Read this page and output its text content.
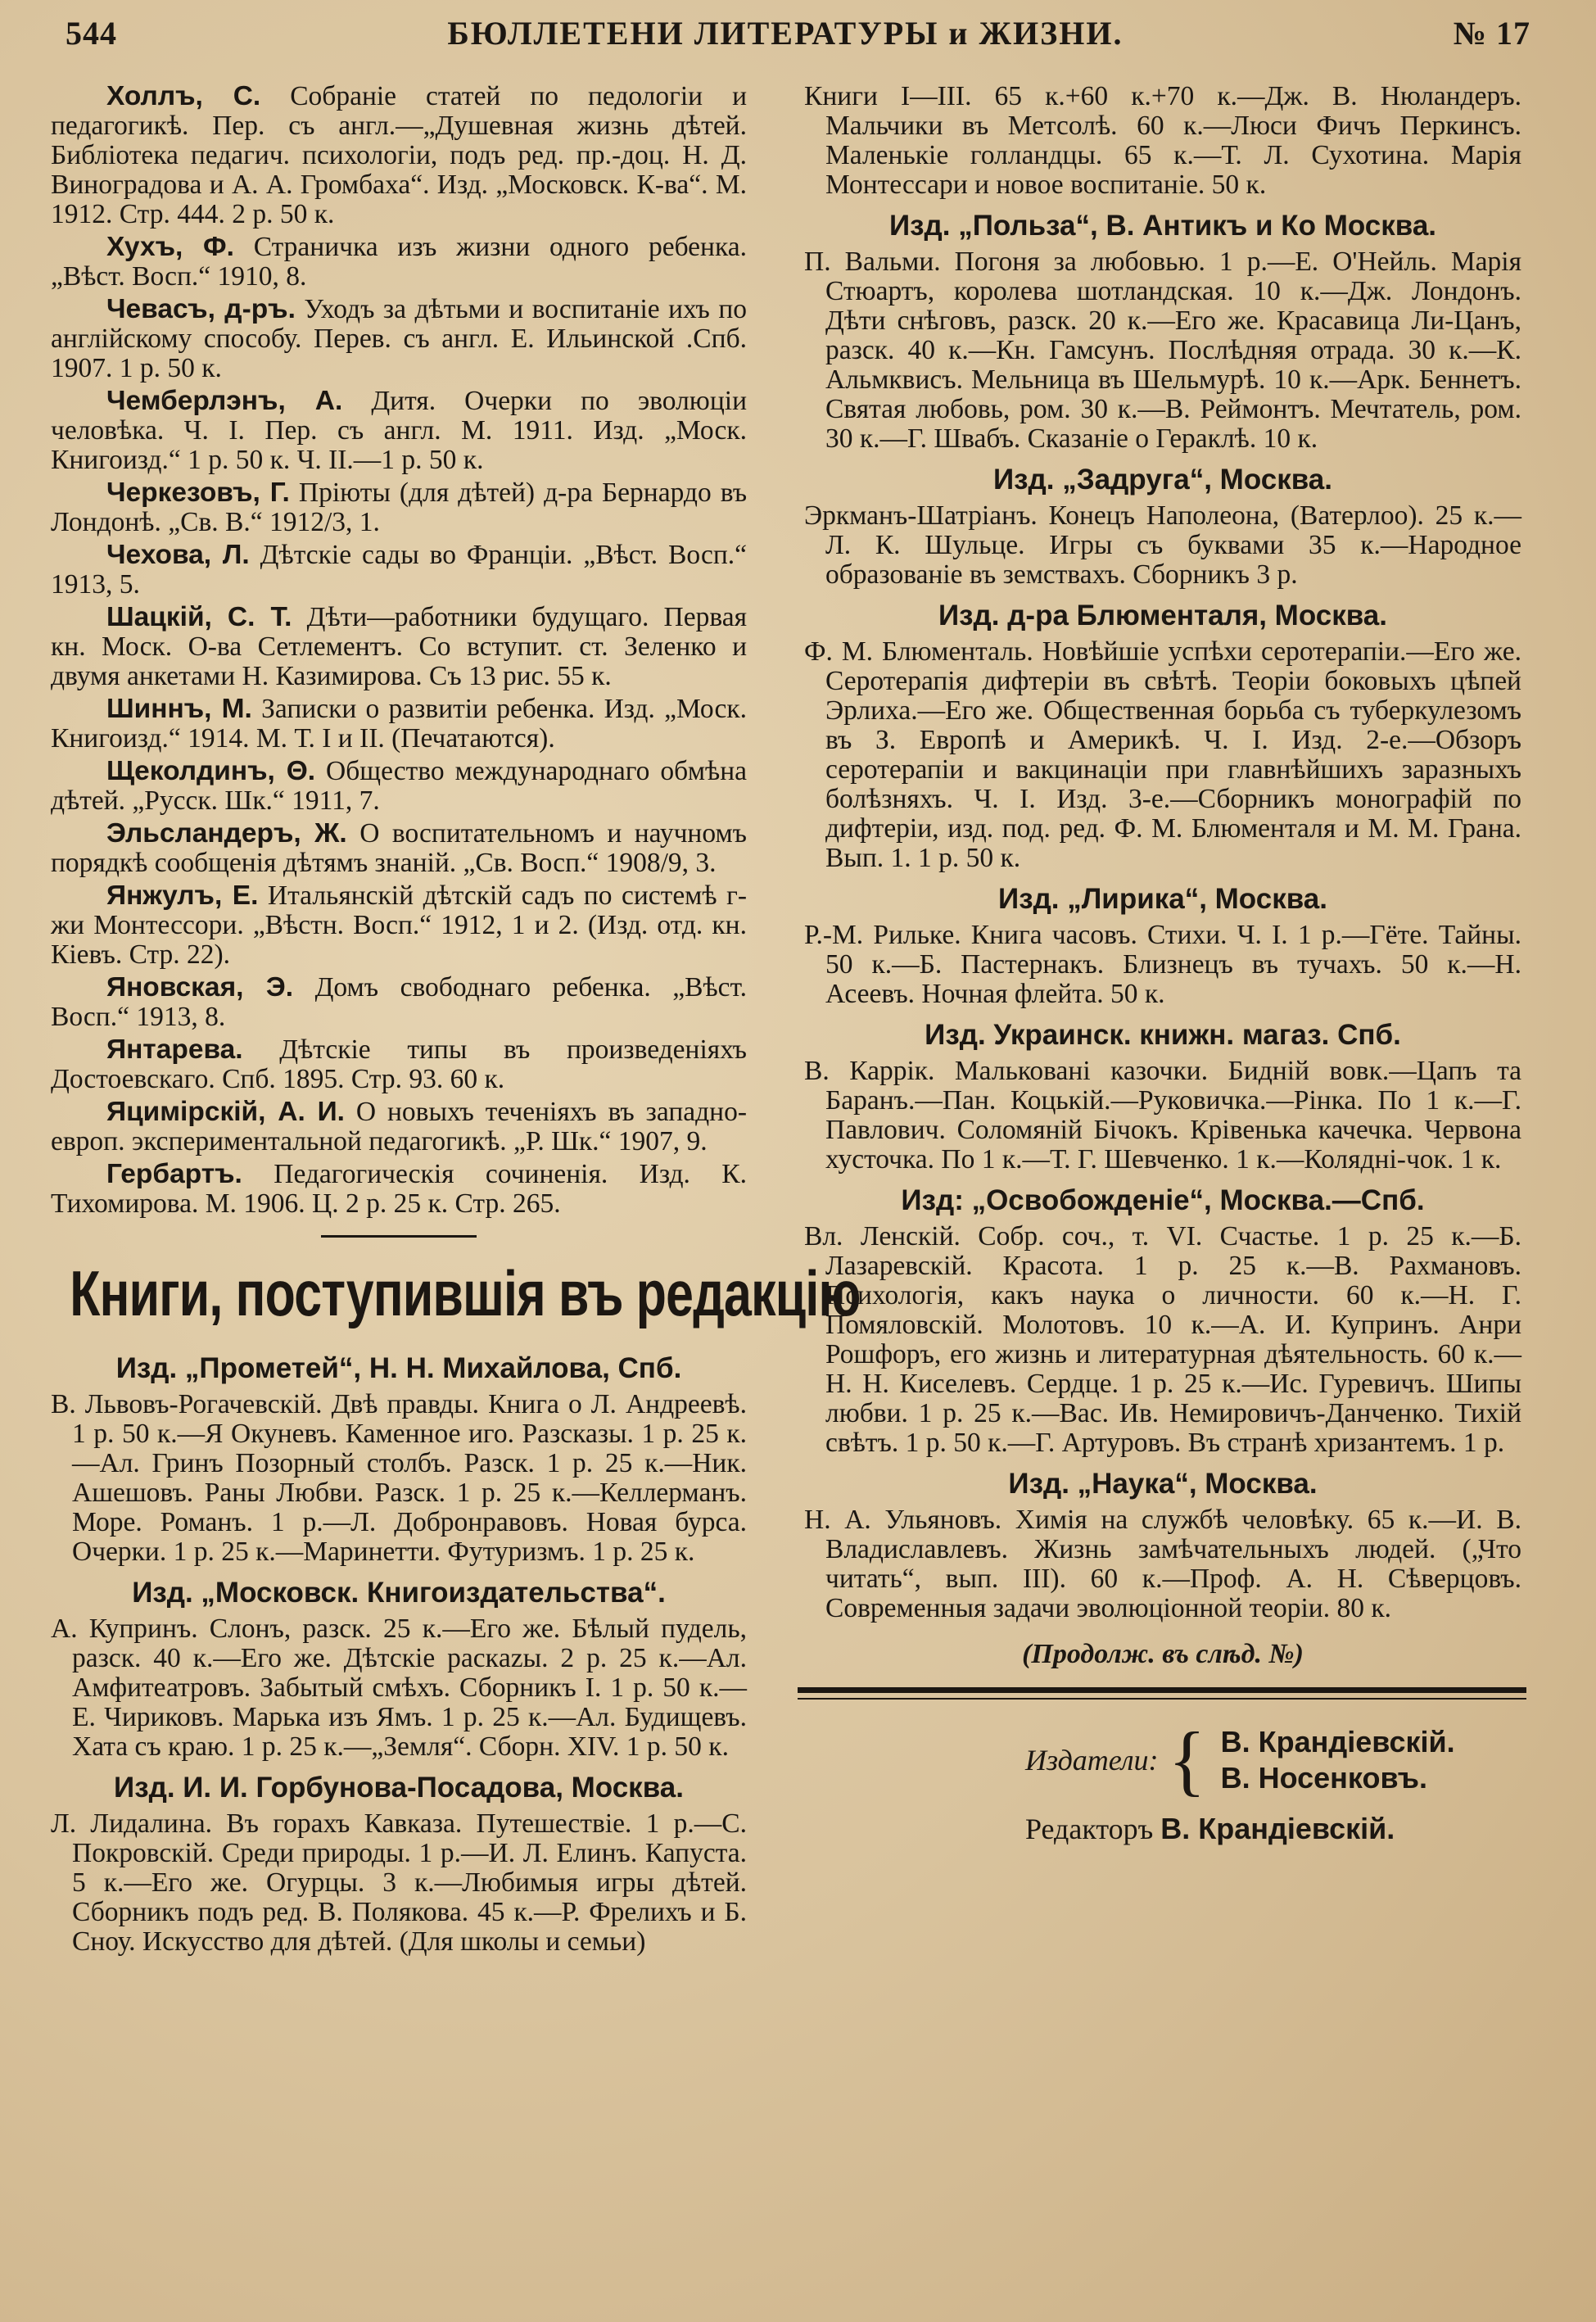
544	БЮЛЛЕТЕНИ ЛИТЕРАТУРЫ и ЖИЗНИ.	№ 17

Холлъ, С. Собраніе статей по педологіи и педагогикѣ. Пер. съ англ.—„Душевная жизнь дѣтей. Библіотека педагич. психологіи, подъ ред. пр.-доц. Н. Д. Виноградова и А. А. Громбаха“. Изд. „Московск. К-ва“. М. 1912. Стр. 444. 2 р. 50 к.

Хухъ, Ф. Страничка изъ жизни одного ребенка. „Вѣст. Восп.“ 1910, 8.

Чевасъ, д-ръ. Уходъ за дѣтьми и воспитаніе ихъ по англійскому способу. Перев. съ англ. Е. Ильинской .Спб. 1907. 1 р. 50 к.

Чемберлэнъ, А. Дитя. Очерки по эволюціи человѣка. Ч. I. Пер. съ англ. М. 1911. Изд. „Моск. Книгоизд.“ 1 р. 50 к. Ч. II.—1 р. 50 к.

Черкезовъ, Г. Пріюты (для дѣтей) д-ра Бернардо въ Лондонѣ. „Св. В.“ 1912/3, 1.

Чехова, Л. Дѣтскіе сады во Франціи. „Вѣст. Восп.“ 1913, 5.

Шацкій, С. Т. Дѣти—работники будущаго. Первая кн. Моск. О-ва Сетлементъ. Со вступит. ст. Зеленко и двумя анкетами Н. Казимирова. Съ 13 рис. 55 к.

Шиннъ, М. Записки о развитіи ребенка. Изд. „Моск. Книгоизд.“ 1914. М. Т. I и II. (Печатаются).

Щеколдинъ, Θ. Общество международнаго обмѣна дѣтей. „Русск. Шк.“ 1911, 7.

Эльсландеръ, Ж. О воспитательномъ и научномъ порядкѣ сообщенія дѣтямъ знаній. „Св. Восп.“ 1908/9, 3.

Янжулъ, Е. Итальянскій дѣтскій садъ по системѣ г-жи Монтессори. „Вѣстн. Восп.“ 1912, 1 и 2. (Изд. отд. кн. Кіевъ. Стр. 22).

Яновская, Э. Домъ свободнаго ребенка. „Вѣст. Восп.“ 1913, 8.

Янтарева. Дѣтскіе типы въ произведеніяхъ Достоевскаго. Спб. 1895. Стр. 93. 60 к.

Яцимірскій, А. И. О новыхъ теченіяхъ въ западно-европ. экспериментальной педагогикѣ. „Р. Шк.“ 1907, 9.

Гербартъ. Педагогическія сочиненія. Изд. К. Тихомирова. М. 1906. Ц. 2 р. 25 к. Стр. 265.

Книги, поступившія въ редакцію
Изд. „Прометей“, Н. Н. Михайлова, Спб.

В. Львовъ-Рогачевскій. Двѣ правды. Книга о Л. Андреевѣ. 1 р. 50 к.—Я Окуневъ. Каменное иго. Разсказы. 1 р. 25 к.—Ал. Гринъ Позорный столбъ. Разск. 1 р. 25 к.—Ник. Ашешовъ. Раны Любви. Разск. 1 р. 25 к.—Келлерманъ. Море. Романъ. 1 р.—Л. Добронравовъ. Новая бурса. Очерки. 1 р. 25 к.—Маринетти. Футуризмъ. 1 р. 25 к.

Изд. „Московск. Книгоиздательства“.

А. Купринъ. Слонъ, разск. 25 к.—Его же. Бѣлый пудель, разск. 40 к.—Его же. Дѣтскіе раскazы. 2 р. 25 к.—Ал. Амфитеатровъ. Забытый смѣхъ. Сборникъ I. 1 р. 50 к.—Е. Чириковъ. Марька изъ Ямъ. 1 р. 25 к.—Ал. Будищевъ. Хата съ краю. 1 р. 25 к.—„Земля“. Сборн. XIV. 1 р. 50 к.

Изд. И. И. Горбунова-Посадова, Москва.

Л. Лидалина. Въ горахъ Кавказа. Путешествіе. 1 р.—С. Покровскій. Среди природы. 1 р.—И. Л. Елинъ. Капуста. 5 к.—Его же. Огурцы. 3 к.—Любимыя игры дѣтей. Сборникъ подъ ред. В. Полякова. 45 к.—Р. Фрелихъ и Б. Сноу. Искусство для дѣтей. (Для школы и семьи)

Книги I—III. 65 к.+60 к.+70 к.—Дж. В. Нюландеръ. Мальчики въ Метсолѣ. 60 к.—Люси Фичъ Перкинсъ. Маленькіе голландцы. 65 к.—Т. Л. Сухотина. Марія Монтессари и новое воспитаніе. 50 к.

Изд. „Польза“, В. Антикъ и Ко Москва.

П. Вальми. Погоня за любовью. 1 р.—Е. О'Нейль. Марія Стюартъ, королева шотландская. 10 к.—Дж. Лондонъ. Дѣти снѣговъ, разск. 20 к.—Его же. Красавица Ли-Цанъ, разск. 40 к.—Кн. Гамсунъ. Послѣдняя отрада. 30 к.—К. Альмквисъ. Мельница въ Шельмурѣ. 10 к.—Арк. Беннетъ. Святая любовь, ром. 30 к.—В. Реймонтъ. Мечтатель, ром. 30 к.—Г. Швабъ. Сказаніе о Гераклѣ. 10 к.

Изд. „Задруга“, Москва.

Эркманъ-Шатріанъ. Конецъ Наполеона, (Ватерлоо). 25 к.—Л. К. Шульце. Игры съ буквами 35 к.—Народное образованіе въ земствахъ. Сборникъ 3 р.

Изд. д-ра Блюменталя, Москва.

Ф. М. Блюменталь. Новѣйшіе успѣхи серотерапіи.—Его же. Серотерапія дифтеріи въ свѣтѣ. Теоріи боковыхъ цѣпей Эрлиха.—Его же. Общественная борьба съ туберкулезомъ въ З. Европѣ и Америкѣ. Ч. I. Изд. 2-е.—Обзоръ серотерапіи и вакцинаціи при главнѣйшихъ заразныхъ болѣзняхъ. Ч. I. Изд. 3-е.—Сборникъ монографій по дифтеріи, изд. под. ред. Ф. М. Блюменталя и М. М. Грана. Вып. 1. 1 р. 50 к.

Изд. „Лирика“, Москва.

Р.-М. Рильке. Книга часовъ. Стихи. Ч. I. 1 р.—Гёте. Тайны. 50 к.—Б. Пастернакъ. Близнецъ въ тучахъ. 50 к.—Н. Асеевъ. Ночная флейта. 50 к.

Изд. Украинск. книжн. магаз. Спб.

В. Каррік. Мальковані казочки. Бидній вовк.—Цапъ та Баранъ.—Пан. Коцькій.—Руковичка.—Рінка. По 1 к.—Г. Павлович. Соломяній Бічокъ. Крівенька качечка. Червона хусточка. По 1 к.—Т. Г. Шевченко. 1 к.—Колядні-чок. 1 к.

Изд: „Освобожденіе“, Москва.—Спб.

Вл. Ленскій. Собр. соч., т. VI. Счастье. 1 р. 25 к.—Б. Лазаревскій. Красота. 1 р. 25 к.—В. Рахмановъ. Психологія, какъ наука о личности. 60 к.—Н. Г. Помяловскій. Молотовъ. 10 к.—А. И. Купринъ. Анри Рошфоръ, его жизнь и литературная дѣятельность. 60 к.—Н. Н. Киселевъ. Сердце. 1 р. 25 к.—Ис. Гуревичъ. Шипы любви. 1 р. 25 к.—Вас. Ив. Немировичъ-Данченко. Тихій свѣтъ. 1 р. 50 к.—Г. Артуровъ. Въ странѣ хризантемъ. 1 р.

Изд. „Наука“, Москва.

Н. А. Ульяновъ. Химія на службѣ человѣку. 65 к.—И. В. Владиславлевъ. Жизнь замѣчательныхъ людей. („Что читать“, вып. III). 60 к.—Проф. А. Н. Сѣверцовъ. Современныя задачи эволюціонной теоріи. 80 к.

(Продолж. въ слѣд. №)
Издатели: { В. Крандіевскій.
В. Носенковъ.
Редакторъ В. Крандіевскій.
